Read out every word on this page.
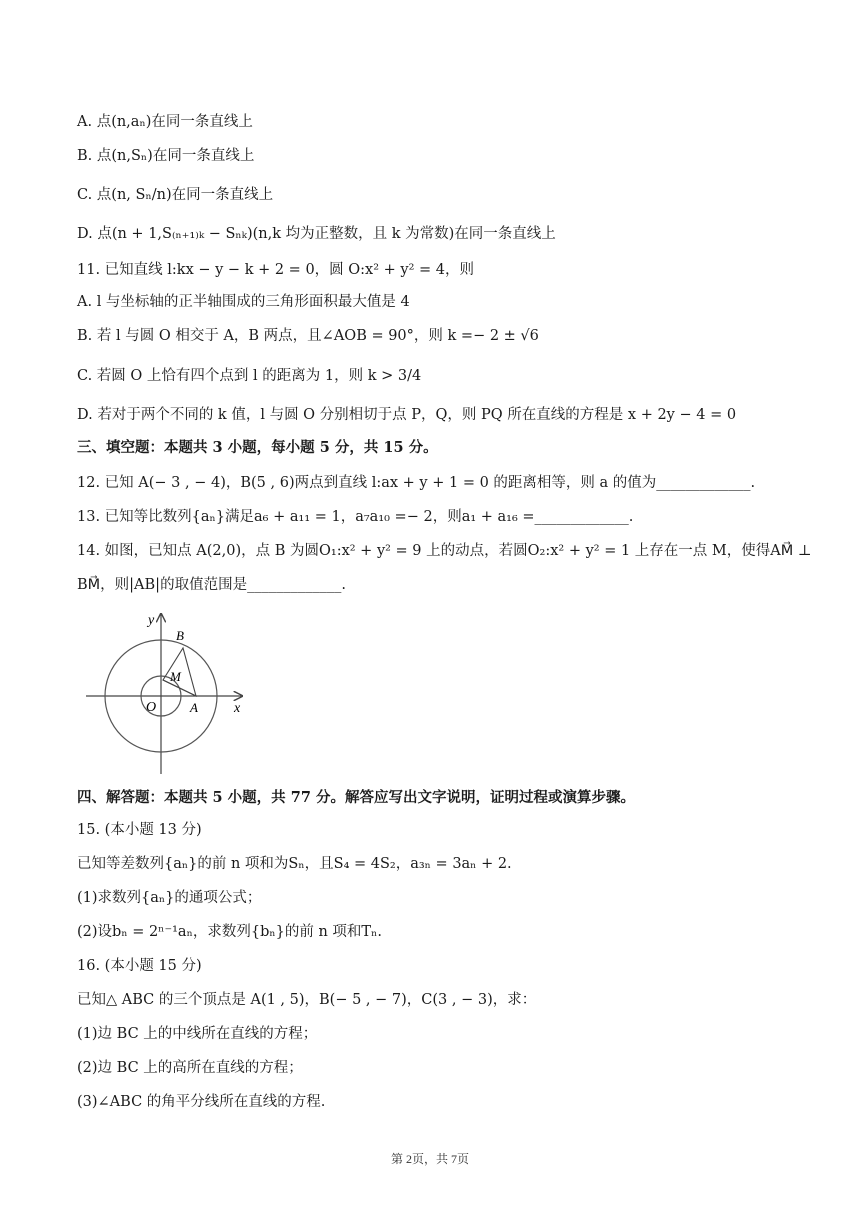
A. 点(n,aₙ)在同一条直线上
B. 点(n,Sₙ)在同一条直线上
C. 点(n, Sₙ/n)在同一条直线上
D. 点(n + 1,S₍ₙ₊₁₎ₖ − Sₙₖ)(n,k 均为正整数，且 k 为常数)在同一条直线上
11. 已知直线 l:kx − y − k + 2 = 0，圆 O:x² + y² = 4，则
A. l 与坐标轴的正半轴围成的三角形面积最大值是 4
B. 若 l 与圆 O 相交于 A，B 两点，且∠AOB = 90°，则 k =− 2 ± √6
C. 若圆 O 上恰有四个点到 l 的距离为 1，则 k > 3/4
D. 若对于两个不同的 k 值，l 与圆 O 分别相切于点 P，Q，则 PQ 所在直线的方程是 x + 2y − 4 = 0
三、填空题：本题共 3 小题，每小题 5 分，共 15 分。
12. 已知 A(− 3 , − 4)，B(5 , 6)两点到直线 l:ax + y + 1 = 0 的距离相等，则 a 的值为_____________.
13. 已知等比数列{aₙ}满足a₆ + a₁₁ = 1，a₇a₁₀ =− 2，则a₁ + a₁₆ =_____________.
14. 如图，已知点 A(2,0)，点 B 为圆O₁:x² + y² = 9 上的动点，若圆O₂:x² + y² = 1 上存在一点 M，使得AM⃗ ⊥
BM⃗，则|AB|的取值范围是_____________.
y
x
O	A
B
M
四、解答题：本题共 5 小题，共 77 分。解答应写出文字说明，证明过程或演算步骤。
15. (本小题 13 分)
已知等差数列{aₙ}的前 n 项和为Sₙ，且S₄ = 4S₂，a₃ₙ = 3aₙ + 2.
(1)求数列{aₙ}的通项公式；
(2)设bₙ = 2ⁿ⁻¹aₙ，求数列{bₙ}的前 n 项和Tₙ.
16. (本小题 15 分)
已知△ ABC 的三个顶点是 A(1 , 5)，B(− 5 , − 7)，C(3 , − 3)，求：
(1)边 BC 上的中线所在直线的方程；
(2)边 BC 上的高所在直线的方程；
(3)∠ABC 的角平分线所在直线的方程.
第 2页，共 7页
